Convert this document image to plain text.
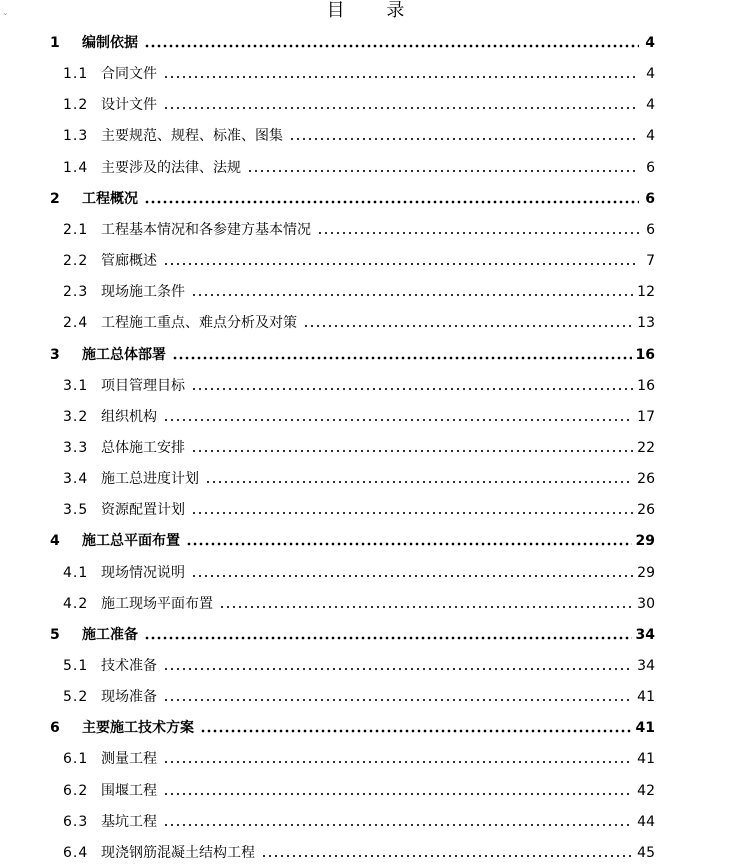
⌄	目 录
1	编制依据	4
1.1 合同文件	4
1.2 设计文件	4
1.3 主要规范、规程、标准、图集	4
1.4 主要涉及的法律、法规	6
2	工程概况	6
2.1 工程基本情况和各参建方基本情况	6
2.2 管廊概述	7
2.3 现场施工条件	12
2.4 工程施工重点、难点分析及对策	13
3	施工总体部署	16
3.1 项目管理目标	16
3.2 组织机构	17
3.3 总体施工安排	22
3.4 施工总进度计划	26
3.5 资源配置计划	26
4	施工总平面布置	29
4.1 现场情况说明	29
4.2 施工现场平面布置	30
5	施工准备	34
5.1 技术准备	34
5.2 现场准备	41
6	主要施工技术方案	41
6.1 测量工程	41
6.2 围堰工程	42
6.3 基坑工程	44
6.4 现浇钢筋混凝土结构工程	45
